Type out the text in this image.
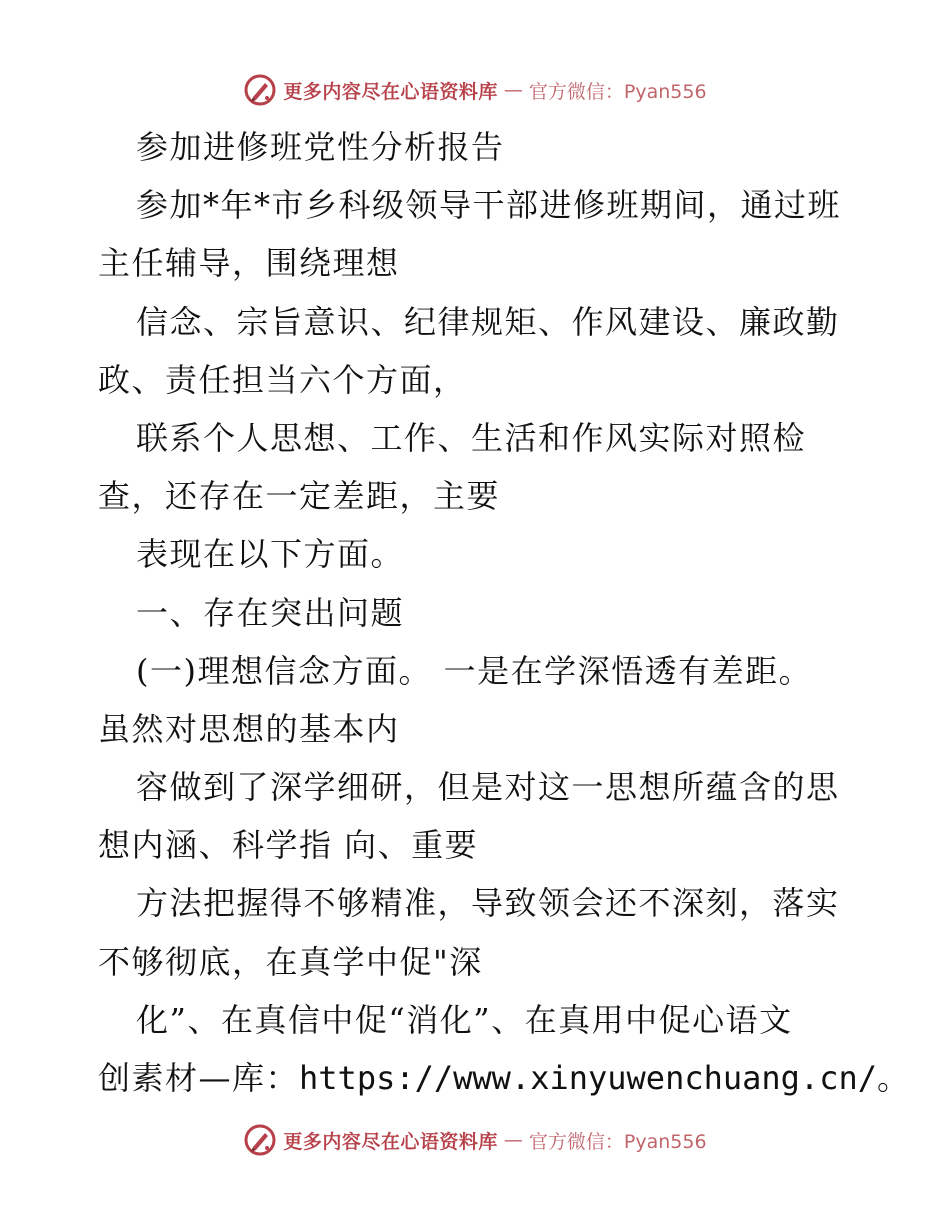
更多内容尽在心语资料库 — 官方微信：Pyan556
参加进修班党性分析报告
参加*年*市乡科级领导干部进修班期间，通过班
主任辅导，围绕理想
信念、宗旨意识、纪律规矩、作风建设、廉政勤
政、责任担当六个方面，
联系个人思想、工作、生活和作风实际对照检
查，还存在一定差距，主要
表现在以下方面。
一、存在突出问题
(一)理想信念方面。 一是在学深悟透有差距。
虽然对思想的基本内
容做到了深学细研，但是对这一思想所蕴含的思
想内涵、科学指 向、重要
方法把握得不够精准，导致领会还不深刻，落实
不够彻底，在真学中促"深
化”、在真信中促“消化”、在真用中促心语文
创素材—库：https://www.xinyuwenchuang.cn/。
更多内容尽在心语资料库 — 官方微信：Pyan556
